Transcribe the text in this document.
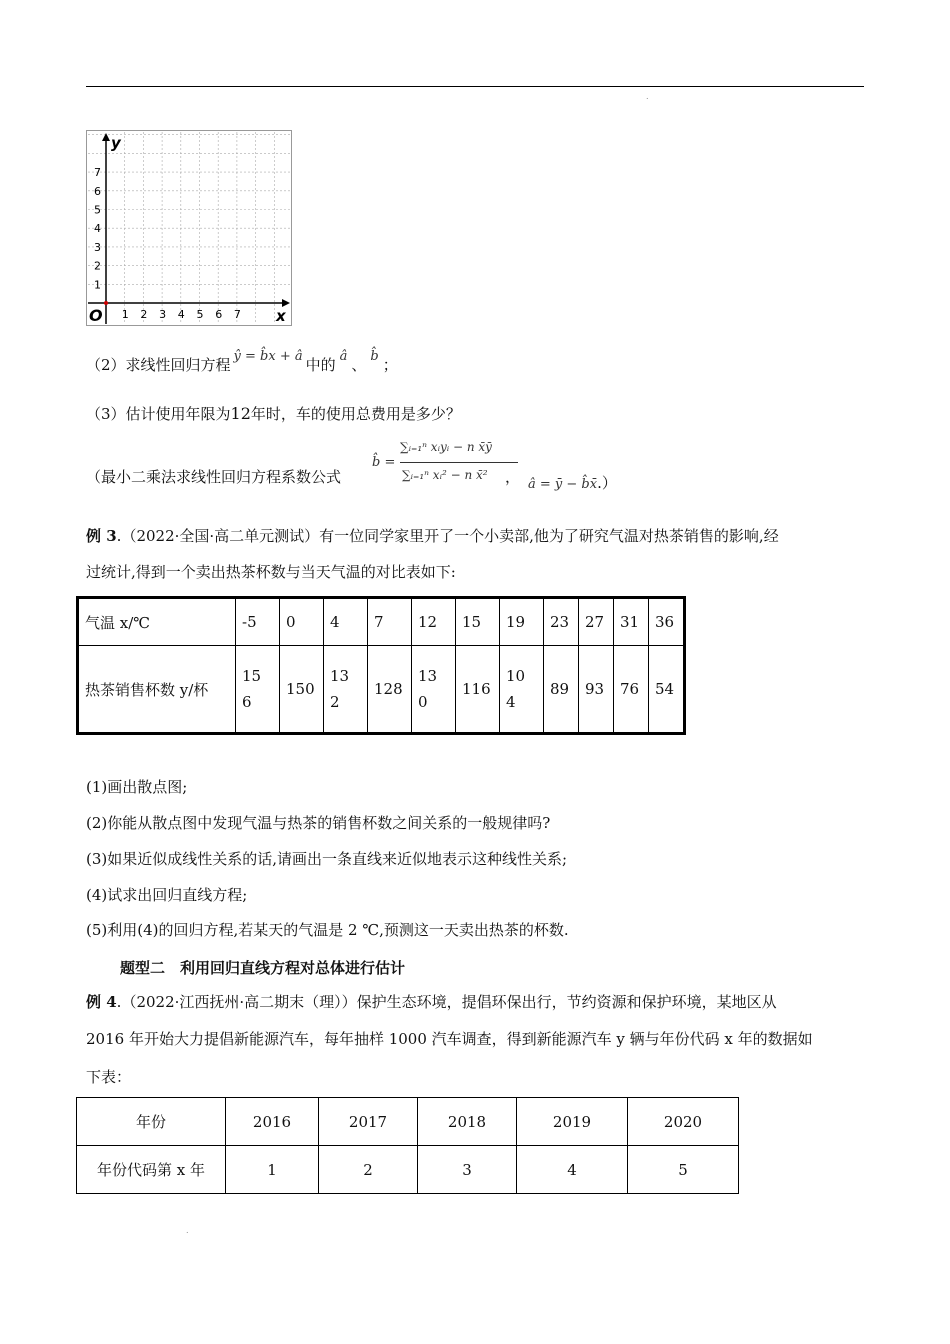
.
y
x
O
1
2
3
4
5
6
7
1 2 3 4 5 6 7
（2）求线性回归方程 ŷ = b̂x + â 中的 â 、 b̂ ；
（3）估计使用年限为12年时，车的使用总费用是多少？
（最小二乘法求线性回归方程系数公式
b̂ =
∑ᵢ₌₁ⁿ xᵢyᵢ − n x̄ȳ
∑ᵢ₌₁ⁿ xᵢ² − n x̄² ， â = ȳ − b̂x̄.）
例 3.（2022·全国·高二单元测试）有一位同学家里开了一个小卖部,他为了研究气温对热茶销售的影响,经
过统计,得到一个卖出热茶杯数与当天气温的对比表如下:
气温 x/℃	-5	0	4	7	12	15	19	23	27	31	36
热茶销售杯数 y/杯	156	150	132	128	130	116	104	89	93	76	54
(1)画出散点图;
(2)你能从散点图中发现气温与热茶的销售杯数之间关系的一般规律吗?
(3)如果近似成线性关系的话,请画出一条直线来近似地表示这种线性关系;
(4)试求出回归直线方程;
(5)利用(4)的回归方程,若某天的气温是 2 ℃,预测这一天卖出热茶的杯数.
题型二　利用回归直线方程对总体进行估计
例 4.（2022·江西抚州·高二期末（理））保护生态环境，提倡环保出行，节约资源和保护环境，某地区从
2016 年开始大力提倡新能源汽车，每年抽样 1000 汽车调查，得到新能源汽车 y 辆与年份代码 x 年的数据如
下表：
年份	2016	2017	2018	2019	2020
年份代码第 x 年	1	2	3	4	5
.
